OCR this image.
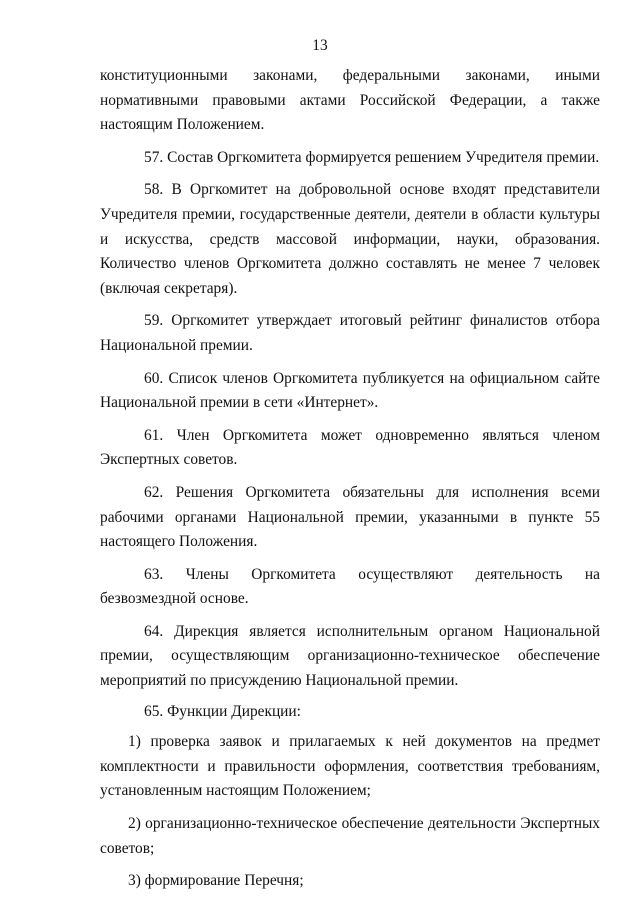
13

конституционными законами, федеральными законами, иными нормативными правовыми актами Российской Федерации, а также настоящим Положением.

57. Состав Оргкомитета формируется решением Учредителя премии.

58. В Оргкомитет на добровольной основе входят представители Учредителя премии, государственные деятели, деятели в области культуры и искусства, средств массовой информации, науки, образования. Количество членов Оргкомитета должно составлять не менее 7 человек (включая секретаря).

59. Оргкомитет утверждает итоговый рейтинг финалистов отбора Национальной премии.

60. Список членов Оргкомитета публикуется на официальном сайте Национальной премии в сети «Интернет».

61. Член Оргкомитета может одновременно являться членом Экспертных советов.

62. Решения Оргкомитета обязательны для исполнения всеми рабочими органами Национальной премии, указанными в пункте 55 настоящего Положения.

63. Члены Оргкомитета осуществляют деятельность на безвозмездной основе.

64. Дирекция является исполнительным органом Национальной премии, осуществляющим организационно-техническое обеспечение мероприятий по присуждению Национальной премии.

65. Функции Дирекции:

1) проверка заявок и прилагаемых к ней документов на предмет комплектности и правильности оформления, соответствия требованиям, установленным настоящим Положением;

2) организационно-техническое обеспечение деятельности Экспертных советов;

3) формирование Перечня;
